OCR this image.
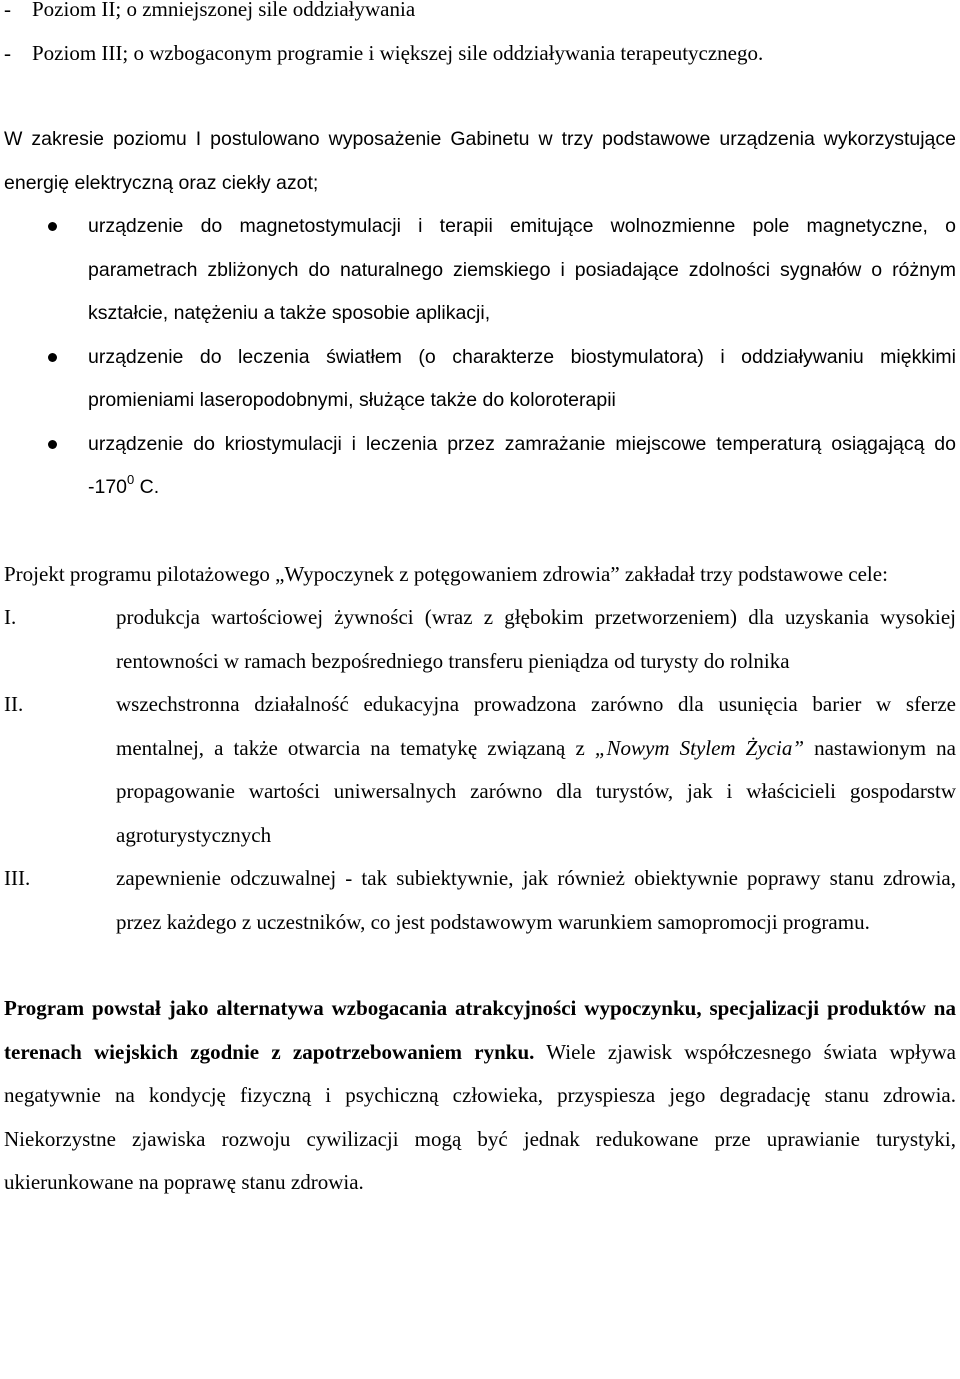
-	Poziom II; o zmniejszonej sile oddziaływania
-	Poziom III; o wzbogaconym programie i większej sile oddziaływania terapeutycznego.

W zakresie poziomu I postulowano wyposażenie Gabinetu w trzy podstawowe urządzenia wykorzystujące energię elektryczną oraz ciekły azot;

urządzenie do magnetostymulacji i terapii emitujące wolnozmienne pole magnetyczne, o parametrach zbliżonych do naturalnego ziemskiego i posiadające zdolności sygnałów o różnym kształcie, natężeniu a także sposobie aplikacji,
urządzenie do leczenia światłem (o charakterze biostymulatora) i oddziaływaniu miękkimi promieniami laseropodobnymi, służące także do koloroterapii
urządzenie do kriostymulacji i leczenia przez zamrażanie miejscowe temperaturą osiągającą do $-170^0$ C.

Projekt programu pilotażowego „Wypoczynek z potęgowaniem zdrowia” zakładał trzy podstawowe cele:

I.	produkcja wartościowej żywności (wraz z głębokim przetworzeniem) dla uzyskania wysokiej rentowności w ramach bezpośredniego transferu pieniądza od turysty do rolnika
II.	wszechstronna działalność edukacyjna prowadzona zarówno dla usunięcia barier w sferze mentalnej, a także otwarcia na tematykę związaną z „Nowym Stylem Życia” nastawionym na propagowanie wartości uniwersalnych zarówno dla turystów, jak i właścicieli gospodarstw agroturystycznych
III.	zapewnienie odczuwalnej - tak subiektywnie, jak również obiektywnie poprawy stanu zdrowia, przez każdego z uczestników, co jest podstawowym warunkiem samopromocji programu.

Program powstał jako alternatywa wzbogacania atrakcyjności wypoczynku, specjalizacji produktów na terenach wiejskich zgodnie z zapotrzebowaniem rynku. Wiele zjawisk współczesnego świata wpływa negatywnie na kondycję fizyczną i psychiczną człowieka, przyspiesza jego degradację stanu zdrowia. Niekorzystne zjawiska rozwoju cywilizacji mogą być jednak redukowane prze uprawianie turystyki, ukierunkowane na poprawę stanu zdrowia.
